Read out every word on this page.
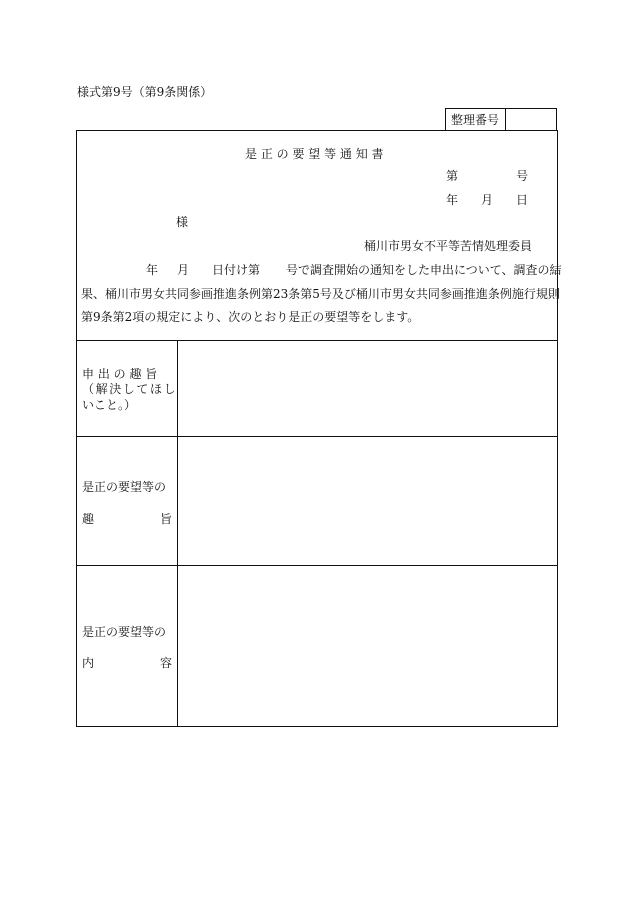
様式第9号（第9条関係）
整理番号
是 正 の 要 望 等 通 知 書
第	号
年 月 日
様
桶川市男女不平等苦情処理委員
年 月 日付け第 号で調査開始の通知をした申出について、調査の結
果、桶川市男女共同参画推進条例第23条第5号及び桶川市男女共同参画推進条例施行規則
第9条第2項の規定により、次のとおり是正の要望等をします。
申 出 の 趣 旨
（解決してほし
いこと。）
是正の要望等の
趣	旨
是正の要望等の
内	容
